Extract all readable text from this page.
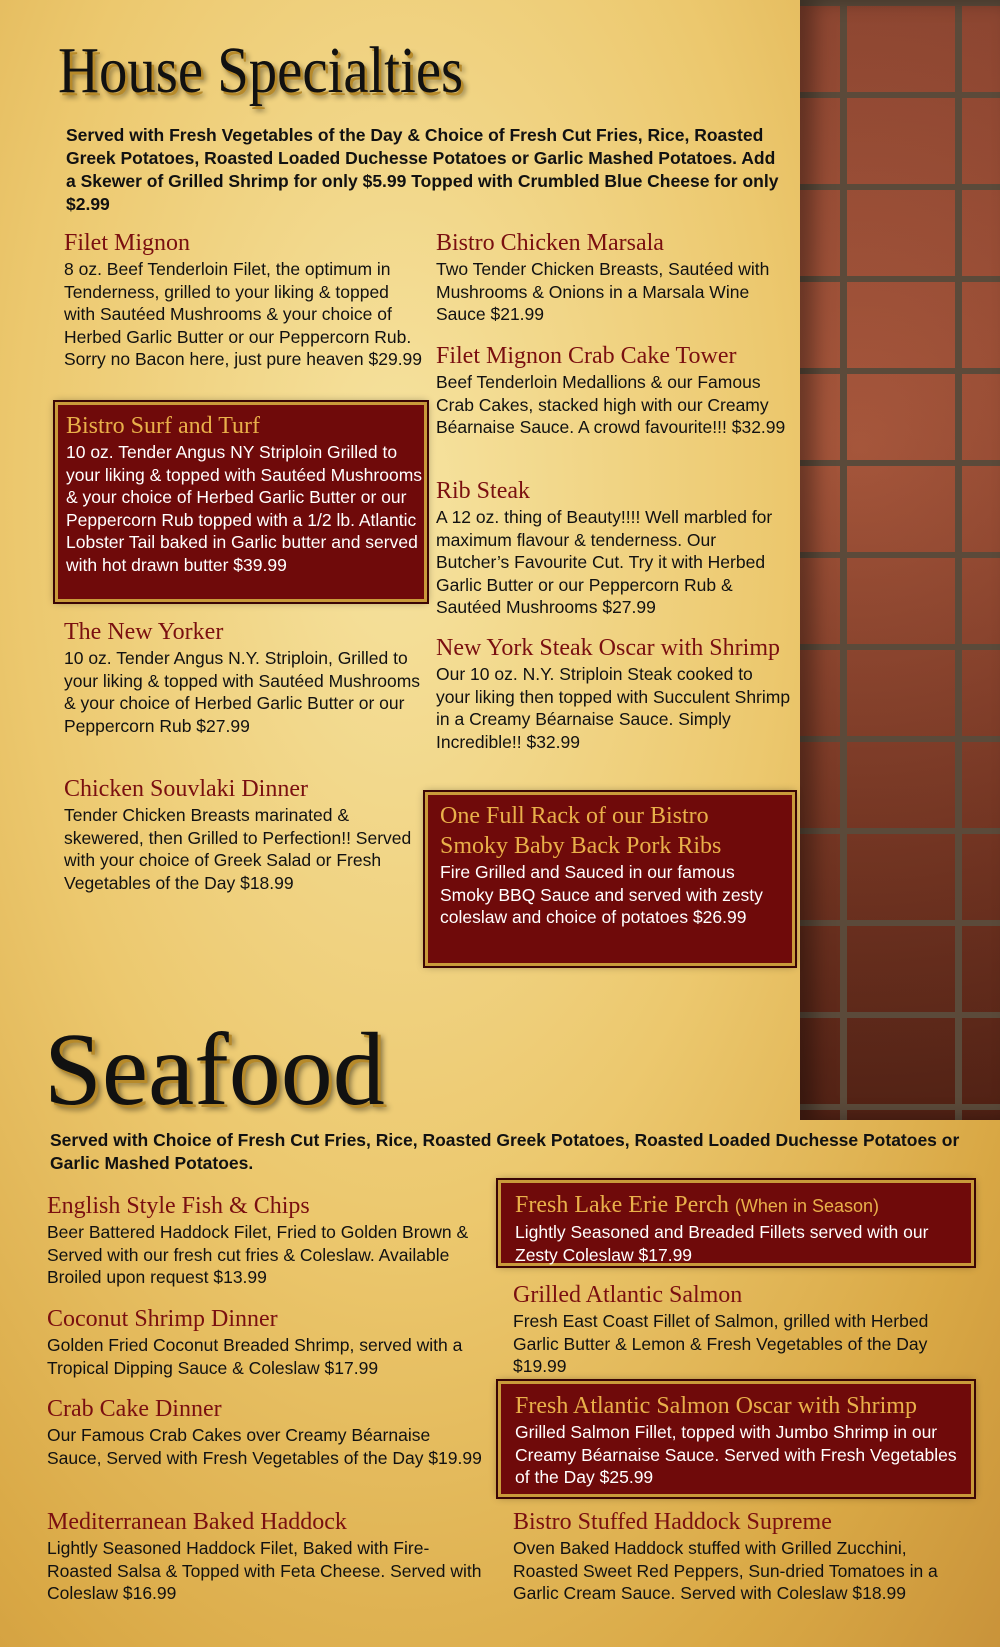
House Specialties

Served with Fresh Vegetables of the Day & Choice of Fresh Cut Fries, Rice, Roasted Greek Potatoes, Roasted Loaded Duchesse Potatoes or Garlic Mashed Potatoes. Add a Skewer of Grilled Shrimp for only $5.99 Topped with Crumbled Blue Cheese for only $2.99

Filet Mignon

8 oz. Beef Tenderloin Filet, the optimum in Tenderness, grilled to your liking & topped with Sautéed Mushrooms & your choice of Herbed Garlic Butter or our Peppercorn Rub. Sorry no Bacon here, just pure heaven $29.99

Bistro Surf and Turf

10 oz. Tender Angus NY Striploin Grilled to your liking & topped with Sautéed Mushrooms & your choice of Herbed Garlic Butter or our Peppercorn Rub topped with a 1/2 lb. Atlantic Lobster Tail baked in Garlic butter and served with hot drawn butter $39.99

The New Yorker

10 oz. Tender Angus N.Y. Striploin, Grilled to your liking & topped with Sautéed Mushrooms & your choice of Herbed Garlic Butter or our Peppercorn Rub $27.99

Chicken Souvlaki Dinner

Tender Chicken Breasts marinated & skewered, then Grilled to Perfection!! Served with your choice of Greek Salad or Fresh Vegetables of the Day $18.99

Bistro Chicken Marsala

Two Tender Chicken Breasts, Sautéed with Mushrooms & Onions in a Marsala Wine Sauce $21.99

Filet Mignon Crab Cake Tower

Beef Tenderloin Medallions & our Famous Crab Cakes, stacked high with our Creamy Béarnaise Sauce. A crowd favourite!!! $32.99

Rib Steak

A 12 oz. thing of Beauty!!!! Well marbled for maximum flavour & tenderness. Our Butcher’s Favourite Cut. Try it with Herbed Garlic Butter or our Peppercorn Rub & Sautéed Mushrooms $27.99

New York Steak Oscar with Shrimp

Our 10 oz. N.Y. Striploin Steak cooked to your liking then topped with Succulent Shrimp in a Creamy Béarnaise Sauce. Simply Incredible!! $32.99

One Full Rack of our Bistro Smoky Baby Back Pork Ribs

Fire Grilled and Sauced in our famous Smoky BBQ Sauce and served with zesty coleslaw and choice of potatoes $26.99

Seafood

Served with Choice of Fresh Cut Fries, Rice, Roasted Greek Potatoes, Roasted Loaded Duchesse Potatoes or Garlic Mashed Potatoes.

English Style Fish & Chips

Beer Battered Haddock Filet, Fried to Golden Brown & Served with our fresh cut fries & Coleslaw. Available Broiled upon request $13.99

Coconut Shrimp Dinner

Golden Fried Coconut Breaded Shrimp, served with a Tropical Dipping Sauce & Coleslaw $17.99

Crab Cake Dinner

Our Famous Crab Cakes over Creamy Béarnaise Sauce, Served with Fresh Vegetables of the Day $19.99

Mediterranean Baked Haddock

Lightly Seasoned Haddock Filet, Baked with Fire-Roasted Salsa & Topped with Feta Cheese. Served with Coleslaw $16.99

Fresh Lake Erie Perch (When in Season)

Lightly Seasoned and Breaded Fillets served with our Zesty Coleslaw $17.99

Grilled Atlantic Salmon

Fresh East Coast Fillet of Salmon, grilled with Herbed Garlic Butter & Lemon & Fresh Vegetables of the Day $19.99

Fresh Atlantic Salmon Oscar with Shrimp

Grilled Salmon Fillet, topped with Jumbo Shrimp in our Creamy Béarnaise Sauce. Served with Fresh Vegetables of the Day $25.99

Bistro Stuffed Haddock Supreme

Oven Baked Haddock stuffed with Grilled Zucchini, Roasted Sweet Red Peppers, Sun-dried Tomatoes in a Garlic Cream Sauce. Served with Coleslaw $18.99
